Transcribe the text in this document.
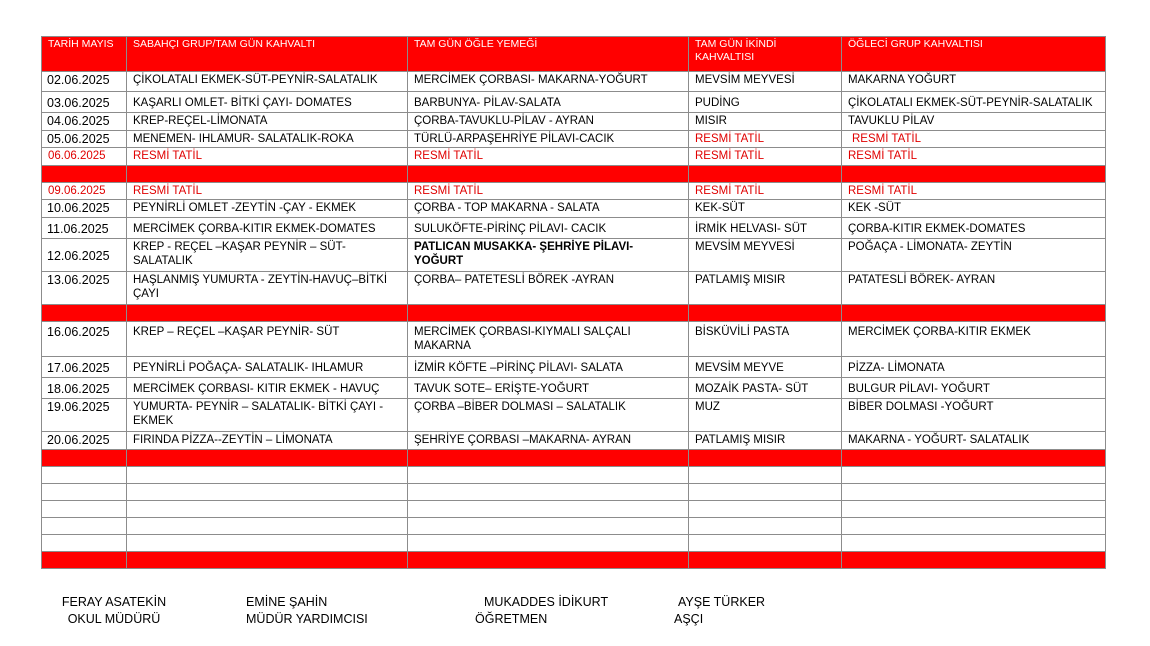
TARİH MAYIS	SABAHÇI GRUP/TAM GÜN KAHVALTI	TAM GÜN ÖĞLE YEMEĞİ	TAM GÜN İKİNDİ KAHVALTISI	ÖĞLECİ GRUP KAHVALTISI
02.06.2025	ÇİKOLATALI EKMEK-SÜT-PEYNİR-SALATALIK	MERCİMEK ÇORBASI- MAKARNA-YOĞURT	MEVSİM MEYVESİ	MAKARNA YOĞURT
03.06.2025	KAŞARLI OMLET- BİTKİ ÇAYI- DOMATES	BARBUNYA- PİLAV-SALATA	PUDİNG	ÇİKOLATALI EKMEK-SÜT-PEYNİR-SALATALIK
04.06.2025	KREP-REÇEL-LİMONATA	ÇORBA-TAVUKLU-PİLAV - AYRAN	MISIR	TAVUKLU PİLAV
05.06.2025	MENEMEN- IHLAMUR- SALATALIK-ROKA	TÜRLÜ-ARPAŞEHRİYE PİLAVI-CACIK	RESMİ TATİL	RESMİ TATİL
06.06.2025	RESMİ TATİL	RESMİ TATİL	RESMİ TATİL	RESMİ TATİL

09.06.2025	RESMİ TATİL	RESMİ TATİL	RESMİ TATİL	RESMİ TATİL
10.06.2025	PEYNİRLİ OMLET -ZEYTİN -ÇAY - EKMEK	ÇORBA - TOP MAKARNA - SALATA	KEK-SÜT	KEK -SÜT
11.06.2025	MERCİMEK ÇORBA-KITIR EKMEK-DOMATES	SULUKÖFTE-PİRİNÇ PİLAVI- CACIK	İRMİK HELVASI- SÜT	ÇORBA-KITIR EKMEK-DOMATES
12.06.2025	KREP - REÇEL –KAŞAR PEYNİR – SÜT- SALATALIK	PATLICAN MUSAKKA- ŞEHRİYE PİLAVI-YOĞURT	MEVSİM MEYVESİ	POĞAÇA - LİMONATA- ZEYTİN
13.06.2025	HAŞLANMIŞ YUMURTA - ZEYTİN-HAVUÇ–BİTKİ ÇAYI	ÇORBA– PATETESLİ BÖREK -AYRAN	PATLAMIŞ MISIR	PATATESLİ BÖREK- AYRAN

16.06.2025	KREP – REÇEL –KAŞAR PEYNİR- SÜT	MERCİMEK ÇORBASI-KIYMALI SALÇALI MAKARNA	BİSKÜVİLİ PASTA	MERCİMEK ÇORBA-KITIR EKMEK
17.06.2025	PEYNİRLİ POĞAÇA- SALATALIK- IHLAMUR	İZMİR KÖFTE –PİRİNÇ PİLAVI- SALATA	MEVSİM MEYVE	PİZZA- LİMONATA
18.06.2025	MERCİMEK ÇORBASI- KITIR EKMEK - HAVUÇ	TAVUK SOTE– ERİŞTE-YOĞURT	MOZAİK PASTA- SÜT	BULGUR PİLAVI- YOĞURT
19.06.2025	YUMURTA- PEYNİR – SALATALIK- BİTKİ ÇAYI - EKMEK	ÇORBA –BİBER DOLMASI – SALATALIK	MUZ	BİBER DOLMASI -YOĞURT
20.06.2025	FIRINDA PİZZA--ZEYTİN – LİMONATA	ŞEHRİYE ÇORBASI –MAKARNA- AYRAN	PATLAMIŞ MISIR	MAKARNA - YOĞURT- SALATALIK

FERAY ASATEKİN
OKUL MÜDÜRÜ
EMİNE ŞAHİN
MÜDÜR YARDIMCISI
MUKADDES İDİKURT
ÖĞRETMEN
AYŞE TÜRKER
AŞÇI
